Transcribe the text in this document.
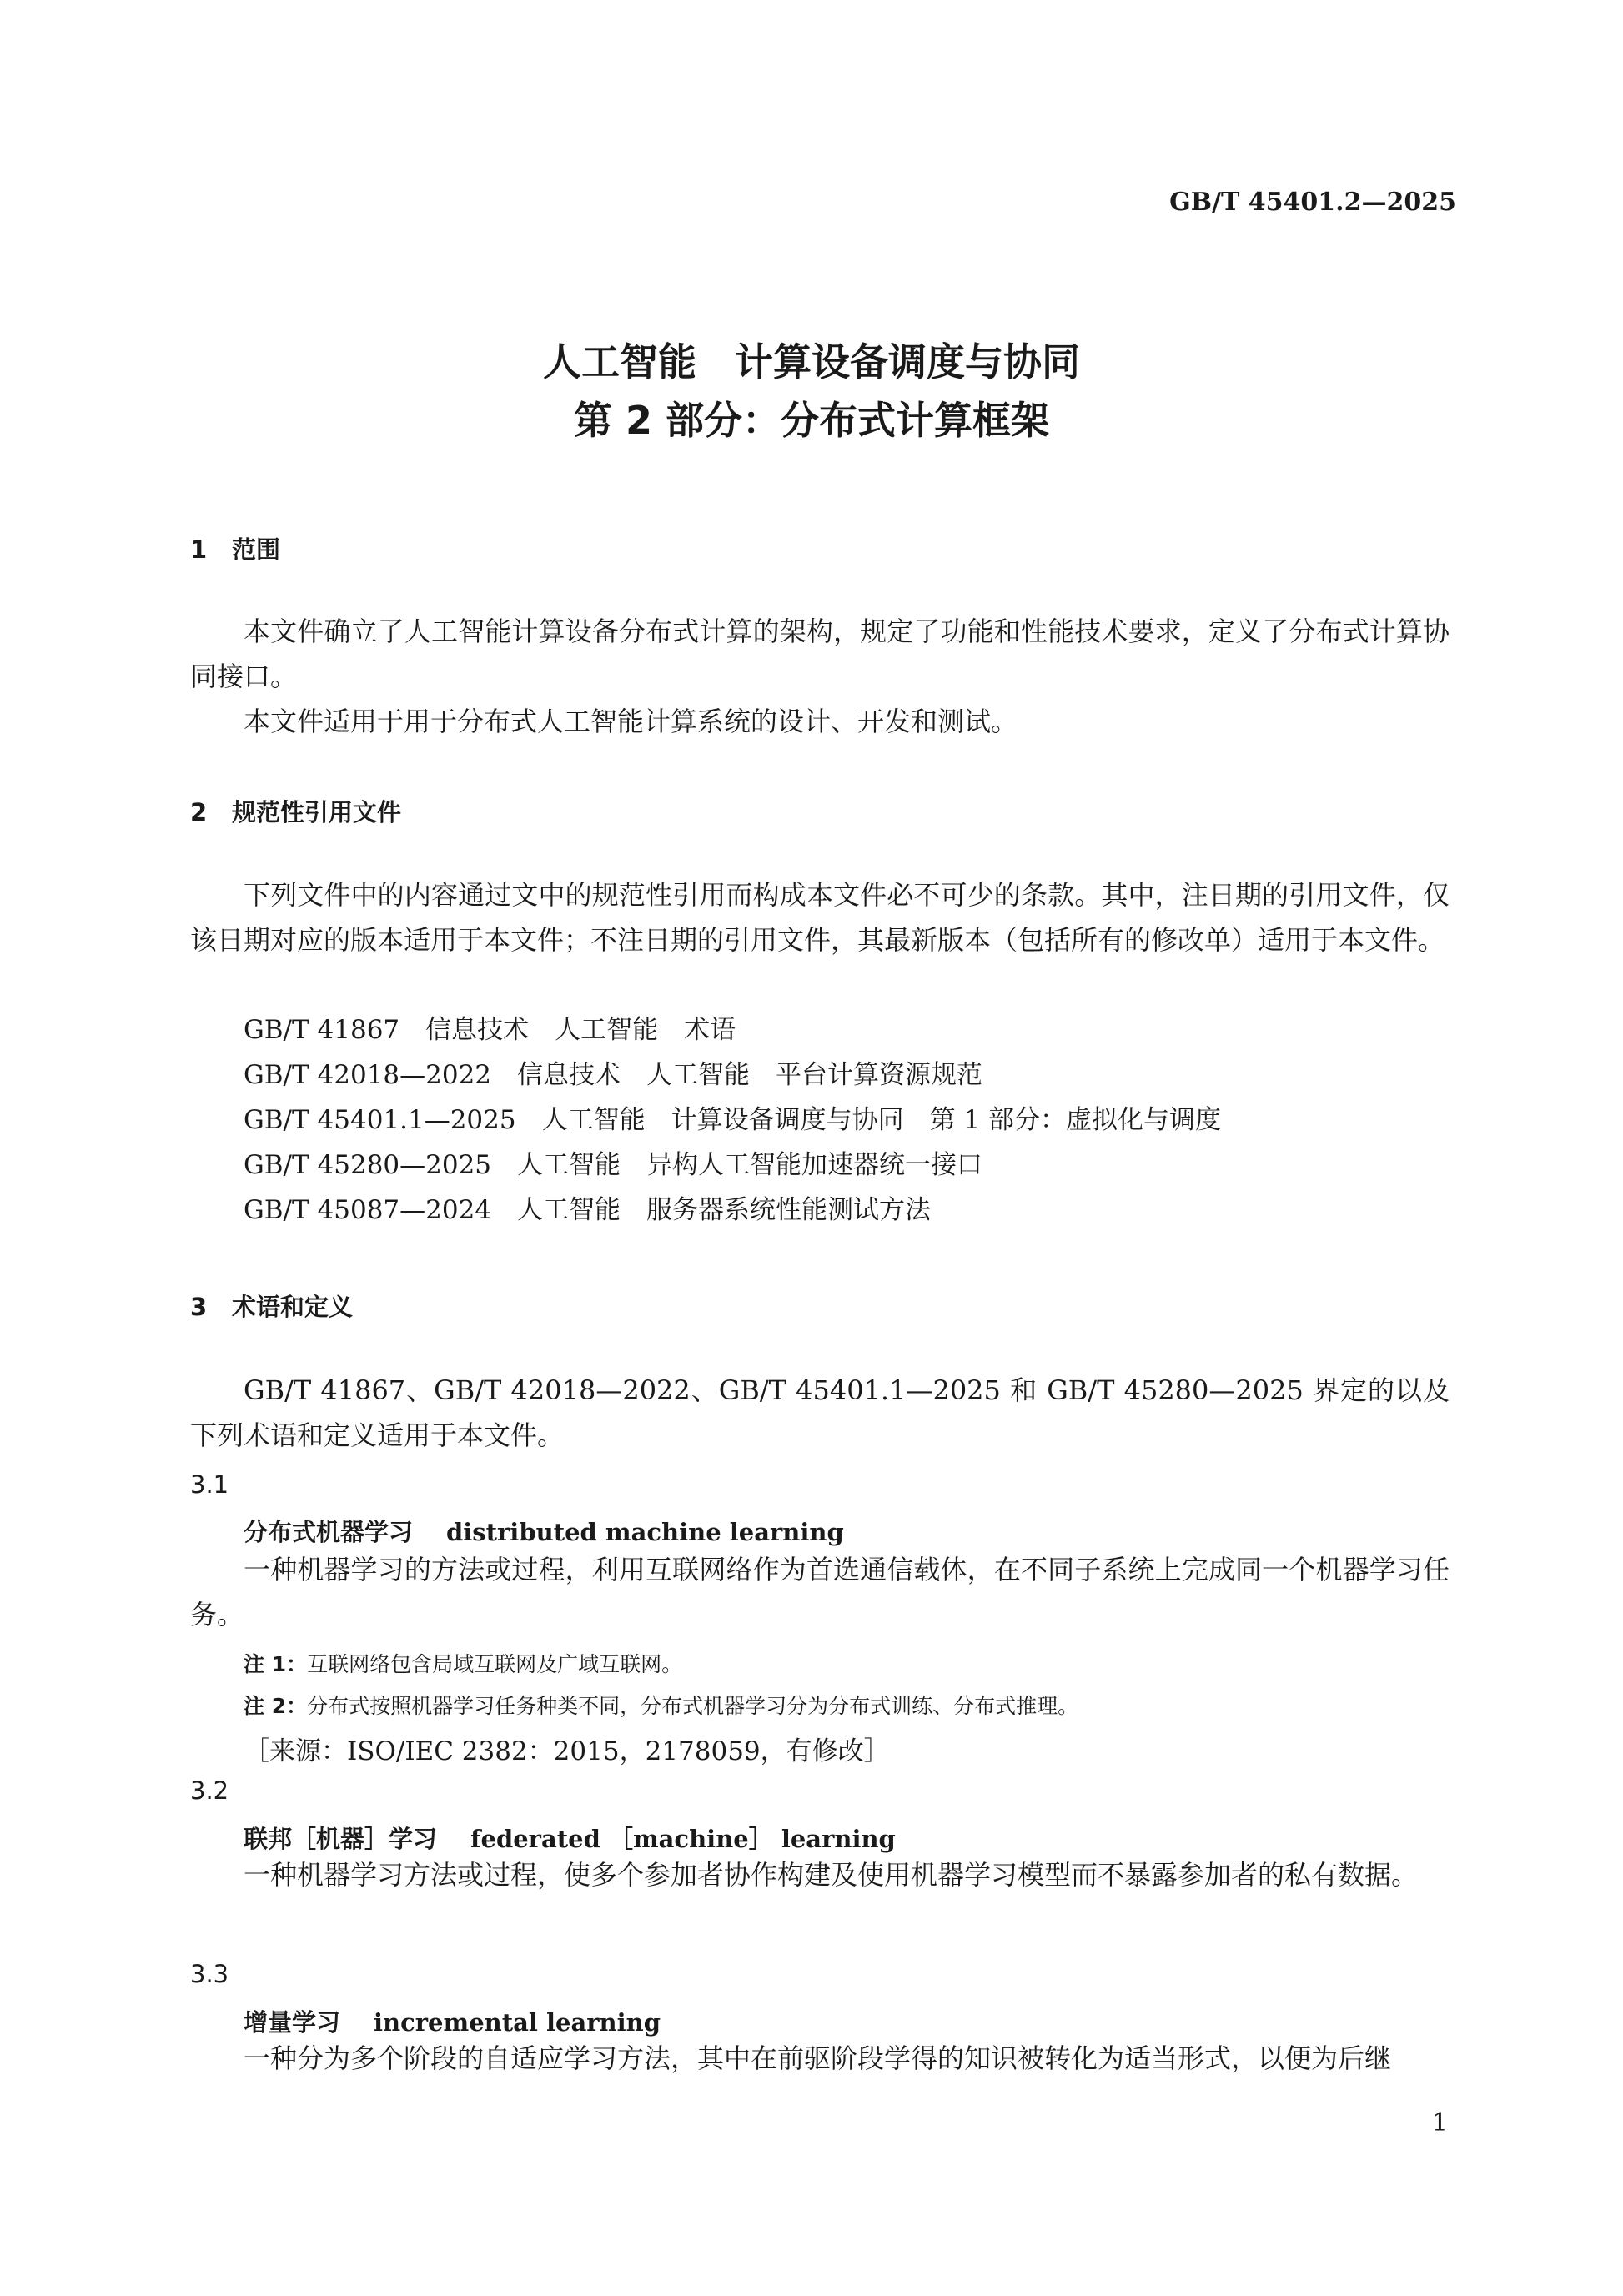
GB/T 45401.2—2025
人工智能　计算设备调度与协同
第 2 部分：分布式计算框架
1 范围
本文件确立了人工智能计算设备分布式计算的架构，规定了功能和性能技术要求，定义了分布式计算协同接口。
本文件适用于用于分布式人工智能计算系统的设计、开发和测试。
2 规范性引用文件
下列文件中的内容通过文中的规范性引用而构成本文件必不可少的条款。其中，注日期的引用文件，仅该日期对应的版本适用于本文件；不注日期的引用文件，其最新版本（包括所有的修改单）适用于本文件。
GB/T 41867　信息技术　人工智能　术语
GB/T 42018—2022　信息技术　人工智能　平台计算资源规范
GB/T 45401.1—2025　人工智能　计算设备调度与协同　第 1 部分：虚拟化与调度
GB/T 45280—2025　人工智能　异构人工智能加速器统一接口
GB/T 45087—2024　人工智能　服务器系统性能测试方法
3 术语和定义
GB/T 41867、GB/T 42018—2022、GB/T 45401.1—2025 和 GB/T 45280—2025 界定的以及下列术语和定义适用于本文件。
3.1
分布式机器学习 distributed machine learning
一种机器学习的方法或过程，利用互联网络作为首选通信载体，在不同子系统上完成同一个机器学习任务。
注 1：互联网络包含局域互联网及广域互联网。
注 2：分布式按照机器学习任务种类不同，分布式机器学习分为分布式训练、分布式推理。
［来源：ISO/IEC 2382：2015，2178059，有修改］
3.2
联邦［机器］学习 federated ［machine］ learning
一种机器学习方法或过程，使多个参加者协作构建及使用机器学习模型而不暴露参加者的私有数据。
3.3
增量学习 incremental learning
一种分为多个阶段的自适应学习方法，其中在前驱阶段学得的知识被转化为适当形式，以便为后继
1
